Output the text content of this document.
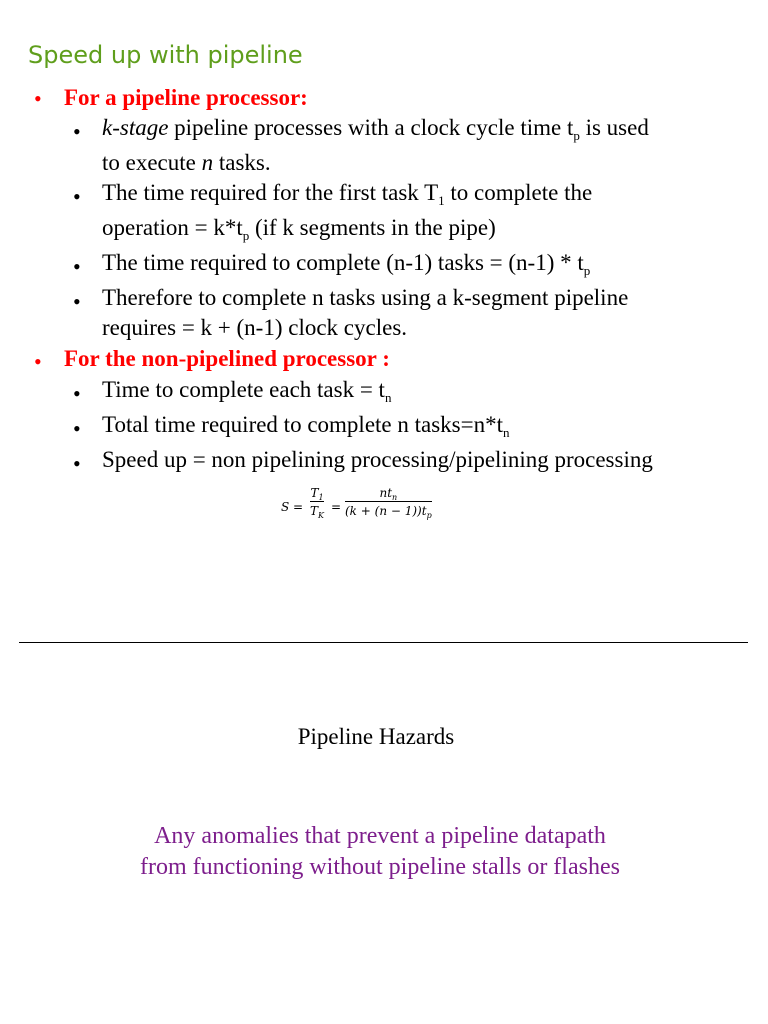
Speed up with pipeline
• For a pipeline processor:
• k-stage pipeline processes with a clock cycle time $t_p$ is used
to execute n tasks.
• The time required for the first task $T_1$ to complete the
operation = $k*t_p$ (if k segments in the pipe)
• The time required to complete (n-1) tasks = $(n-1) * t_p$
• Therefore to complete n tasks using a k-segment pipeline
requires = k + (n-1) clock cycles.
• For the non-pipelined processor :
• Time to complete each task = $t_n$
• Total time required to complete n $tasks=n*t_n$
• Speed up = non pipelining processing/pipelining processing
$S = \frac{T_1}{T_K}$ =
$nt_n$
$(k + (n - 1))t_p$
Pipeline Hazards
Any anomalies that prevent a pipeline datapath
from functioning without pipeline stalls or flashes
